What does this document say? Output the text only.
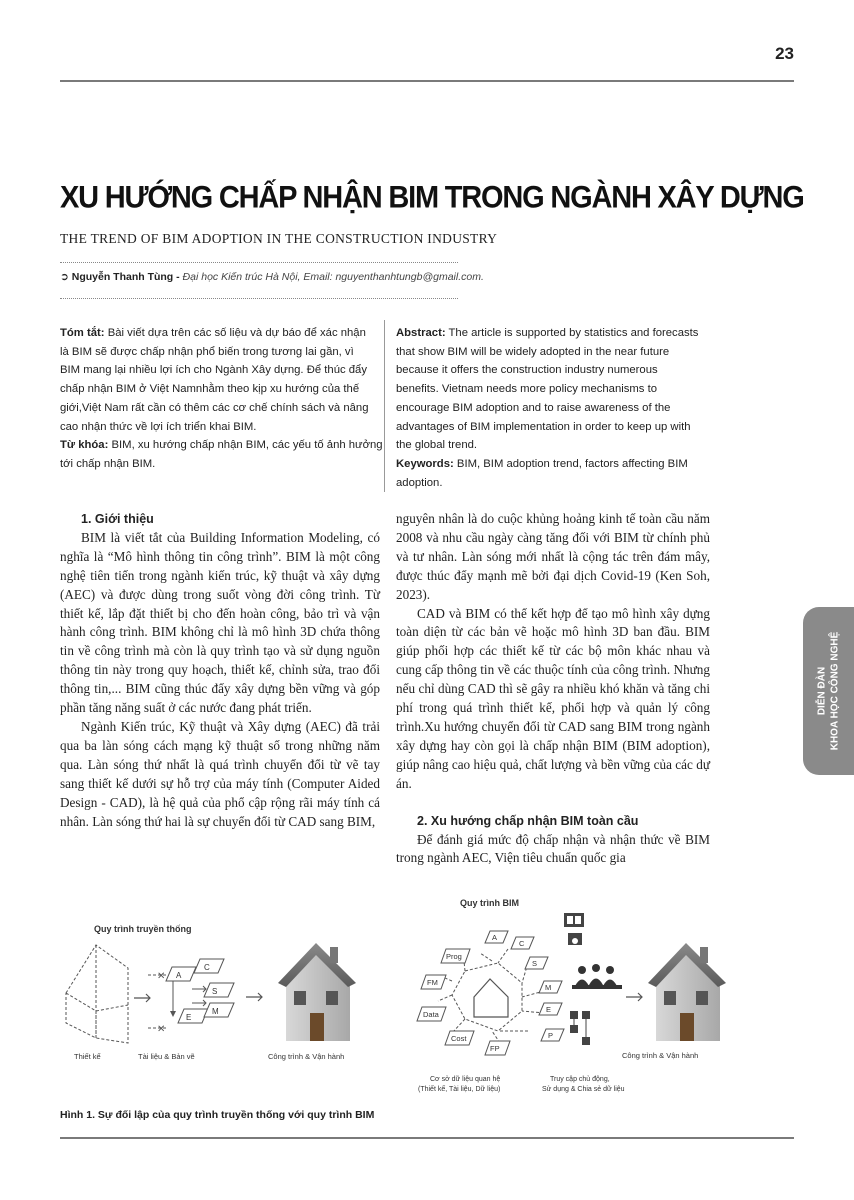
23
XU HƯỚNG CHẤP NHẬN BIM TRONG NGÀNH XÂY DỰNG
THE TREND OF BIM ADOPTION IN THE CONSTRUCTION INDUSTRY
➲ Nguyễn Thanh Tùng - Đại học Kiến trúc Hà Nội, Email: nguyenthanhtungb@gmail.com.
Tóm tắt: Bài viết dựa trên các số liệu và dự báo để xác nhận
là BIM sẽ được chấp nhận phổ biến trong tương lai gần, vì
BIM mang lại nhiều lợi ích cho Ngành Xây dựng. Để thúc đẩy
chấp nhận BIM ở Việt Namnhằm theo kịp xu hướng của thế
giới,Việt Nam rất cần có thêm các cơ chế chính sách và nâng
cao nhận thức về lợi ích triển khai BIM.
Từ khóa: BIM, xu hướng chấp nhận BIM, các yếu tố ảnh hưởng
tới chấp nhận BIM.
Abstract: The article is supported by statistics and forecasts
that show BIM will be widely adopted in the near future
because it offers the construction industry numerous
benefits. Vietnam needs more policy mechanisms to
encourage BIM adoption and to raise awareness of the
advantages of BIM implementation in order to keep up with
the global trend.
Keywords: BIM, BIM adoption trend, factors affecting BIM
adoption.
1. Giới thiệu

BIM là viết tắt của Building Information Modeling, có nghĩa là “Mô hình thông tin công trình”. BIM là một công nghệ tiên tiến trong ngành kiến trúc, kỹ thuật và xây dựng (AEC) và được dùng trong suốt vòng đời công trình. Từ thiết kế, lắp đặt thiết bị cho đến hoàn công, bảo trì và vận hành công trình. BIM không chỉ là mô hình 3D chứa thông tin về công trình mà còn là quy trình tạo và sử dụng nguồn thông tin này trong quy hoạch, thiết kế, chỉnh sửa, trao đổi thông tin,... BIM cũng thúc đẩy xây dựng bền vững và góp phần tăng năng suất ở các nước đang phát triển.

Ngành Kiến trúc, Kỹ thuật và Xây dựng (AEC) đã trải qua ba làn sóng cách mạng kỹ thuật số trong những năm qua. Làn sóng thứ nhất là quá trình chuyển đổi từ vẽ tay sang thiết kế dưới sự hỗ trợ của máy tính (Computer Aided Design - CAD), là hệ quả của phổ cập rộng rãi máy tính cá nhân. Làn sóng thứ hai là sự chuyển đổi từ CAD sang BIM,

nguyên nhân là do cuộc khủng hoảng kinh tế toàn cầu năm 2008 và nhu cầu ngày càng tăng đối với BIM từ chính phủ và tư nhân. Làn sóng mới nhất là cộng tác trên đám mây, được thúc đẩy mạnh mẽ bởi đại dịch Covid-19 (Ken Soh, 2023).

CAD và BIM có thể kết hợp để tạo mô hình xây dựng toàn diện từ các bản vẽ hoặc mô hình 3D ban đầu. BIM giúp phối hợp các thiết kế từ các bộ môn khác nhau và cung cấp thông tin về các thuộc tính của công trình. Nhưng nếu chỉ dùng CAD thì sẽ gây ra nhiều khó khăn và tăng chi phí trong quá trình thiết kế, phối hợp và quản lý công trình.Xu hướng chuyển đổi từ CAD sang BIM trong ngành xây dựng hay còn gọi là chấp nhận BIM (BIM adoption), giúp nâng cao hiệu quả, chất lượng và bền vững của các dự án.

2. Xu hướng chấp nhận BIM toàn cầu

Để đánh giá mức độ chấp nhận và nhận thức về BIM trong ngành AEC, Viện tiêu chuẩn quốc gia

DIỄN ĐÀN KHOA HỌC CÔNG NGHỆ
Quy trình truyền thống
Thiết kế
✕
✕
A
C
S
E
M
Tài liệu & Bản vẽ	Công trình & Vận hành
Quy trình BIM
A
C
S
M
E
P
FP
Cost
Data
FM
Prog
Cơ sở dữ liệu quan hệ
(Thiết kế, Tài liệu, Dữ liệu)
Truy cập chủ động,
Sử dụng & Chia sẻ dữ liệu
Công trình & Vận hành
Hình 1. Sự đối lập của quy trình truyền thống với quy trình BIM
